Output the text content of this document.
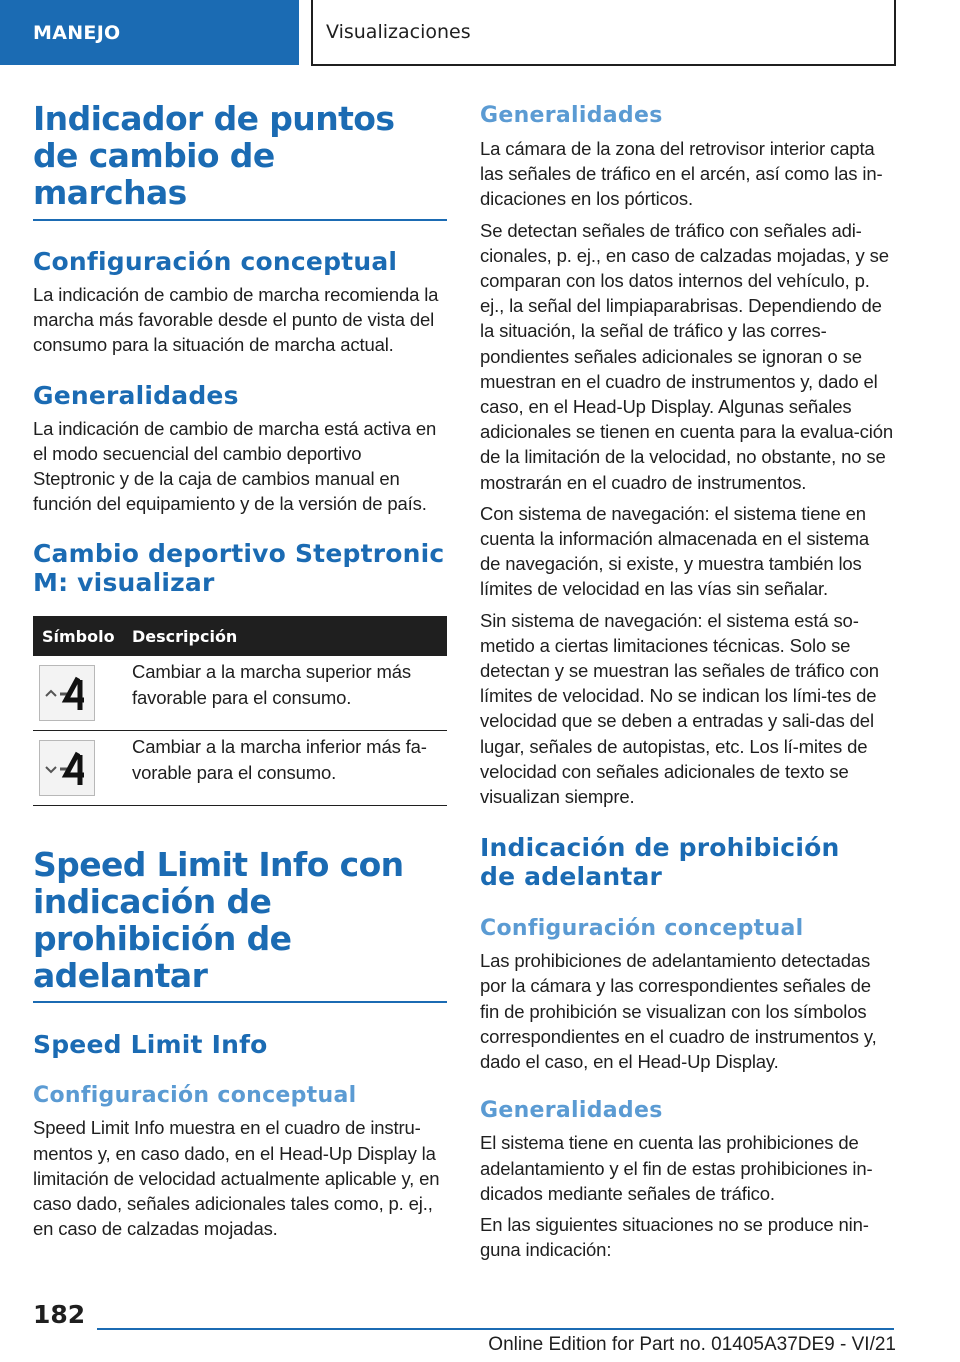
MANEJO	Visualizaciones
Indicador de puntos de cambio de marchas
Configuración conceptual

La indicación de cambio de marcha recomienda la marcha más favorable desde el punto de vista del consumo para la situación de marcha actual.

Generalidades

La indicación de cambio de marcha está activa en el modo secuencial del cambio deportivo Steptronic y de la caja de cambios manual en función del equipamiento y de la versión de país.

Cambio deportivo Steptronic M: visualizar
Símbolo	Descripción

Cambiar a la marcha superior más favorable para el consumo.

Cambiar a la marcha inferior más fa-vorable para el consumo.

Speed Limit Info con indicación de prohibición de adelantar
Speed Limit Info
Configuración conceptual

Speed Limit Info muestra en el cuadro de instru-mentos y, en caso dado, en el Head-Up Display la limitación de velocidad actualmente aplicable y, en caso dado, señales adicionales tales como, p. ej., en caso de calzadas mojadas.

Generalidades

La cámara de la zona del retrovisor interior capta las señales de tráfico en el arcén, así como las in-dicaciones en los pórticos.

Se detectan señales de tráfico con señales adi-cionales, p. ej., en caso de calzadas mojadas, y se comparan con los datos internos del vehículo, p. ej., la señal del limpiaparabrisas. Dependiendo de la situación, la señal de tráfico y las corres-pondientes señales adicionales se ignoran o se muestran en el cuadro de instrumentos y, dado el caso, en el Head-Up Display. Algunas señales adicionales se tienen en cuenta para la evalua-ción de la limitación de la velocidad, no obstante, no se mostrarán en el cuadro de instrumentos.

Con sistema de navegación: el sistema tiene en cuenta la información almacenada en el sistema de navegación, si existe, y muestra también los límites de velocidad en las vías sin señalar.

Sin sistema de navegación: el sistema está so-metido a ciertas limitaciones técnicas. Solo se detectan y se muestran las señales de tráfico con límites de velocidad. No se indican los lími-tes de velocidad que se deben a entradas y sali-das del lugar, señales de autopistas, etc. Los lí-mites de velocidad con señales adicionales de texto se visualizan siempre.

Indicación de prohibición de adelantar
Configuración conceptual

Las prohibiciones de adelantamiento detectadas por la cámara y las correspondientes señales de fin de prohibición se visualizan con los símbolos correspondientes en el cuadro de instrumentos y, dado el caso, en el Head-Up Display.

Generalidades

El sistema tiene en cuenta las prohibiciones de adelantamiento y el fin de estas prohibiciones in-dicados mediante señales de tráfico.

En las siguientes situaciones no se produce nin-guna indicación:

182
Online Edition for Part no. 01405A37DE9 - VI/21
